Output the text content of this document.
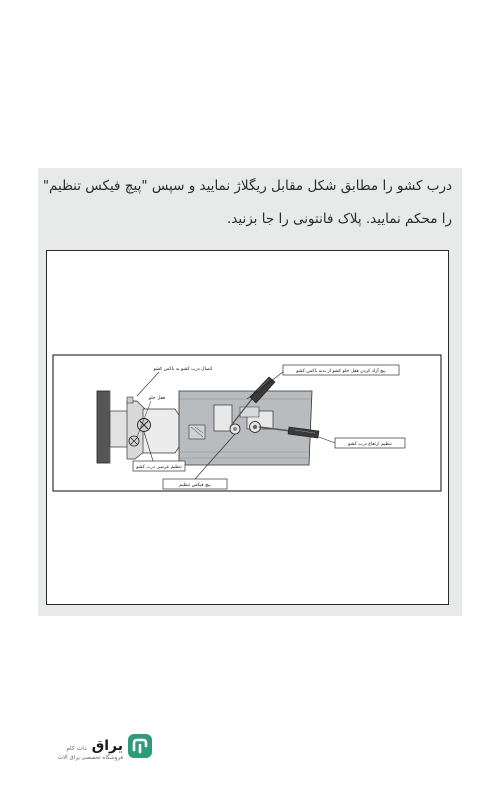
درب کشو را مطابق شکل مقابل ریگلاژ نمایید و سپس "پیچ فیکس تنظیم"
را محکم نمایید. پلاک فانتونی را جا بزنید.
اتصال درب کشو به باکس کشو	پیچ آزاد کردن قفل جلو کشو از بدنه باکس کشو
قفل جلو
تنظیم ارتفاع درب کشو
تنظیم عرضی درب کشو
پیچ فیکس تنظیم
یراق دات کام
فروشگاه تخصصی یراق آلات
